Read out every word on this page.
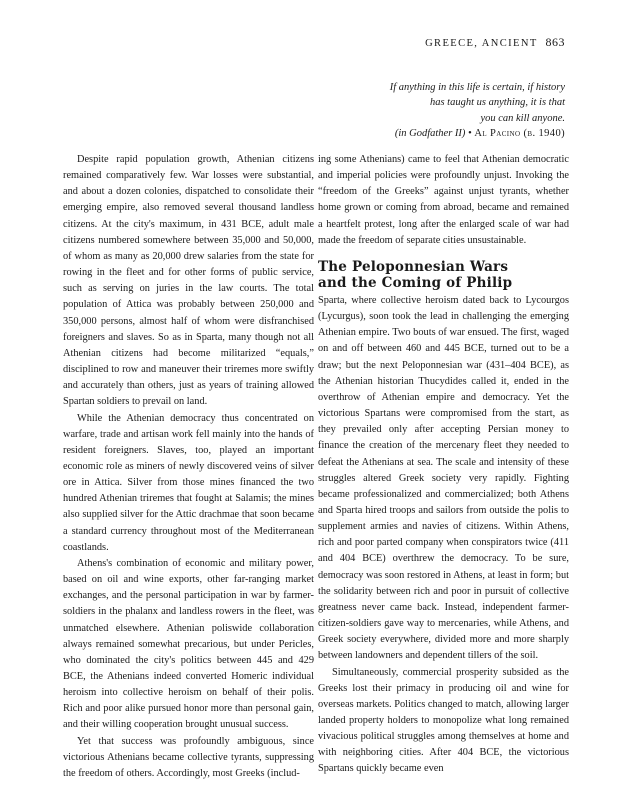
GREECE, ANCIENT 863
If anything in this life is certain, if history
has taught us anything, it is that
you can kill anyone.
(in Godfather II) • Al Pacino (b. 1940)

Despite rapid population growth, Athenian citizens remained comparatively few. War losses were substantial, and about a dozen colonies, dispatched to consolidate their emerging empire, also removed several thousand landless citizens. At the city's maximum, in 431 BCE, adult male citizens numbered somewhere between 35,000 and 50,000, of whom as many as 20,000 drew salaries from the state for rowing in the fleet and for other forms of public service, such as serving on juries in the law courts. The total population of Attica was probably between 250,000 and 350,000 persons, almost half of whom were disfranchised foreigners and slaves. So as in Sparta, many though not all Athenian citizens had become militarized “equals,” disciplined to row and maneuver their triremes more swiftly and accurately than others, just as years of training allowed Spartan soldiers to prevail on land.

While the Athenian democracy thus concentrated on warfare, trade and artisan work fell mainly into the hands of resident foreigners. Slaves, too, played an important economic role as miners of newly discovered veins of silver ore in Attica. Silver from those mines financed the two hundred Athenian triremes that fought at Salamis; the mines also supplied silver for the Attic drachmae that soon became a standard currency throughout most of the Mediterranean coastlands.

Athens's combination of economic and military power, based on oil and wine exports, other far-ranging market exchanges, and the personal participation in war by farmer-soldiers in the phalanx and landless rowers in the fleet, was unmatched elsewhere. Athenian poliswide collaboration always remained somewhat precarious, but under Pericles, who dominated the city's politics between 445 and 429 BCE, the Athenians indeed converted Homeric individual heroism into collective heroism on behalf of their polis. Rich and poor alike pursued honor more than personal gain, and their willing cooperation brought unusual success.

Yet that success was profoundly ambiguous, since victorious Athenians became collective tyrants, suppressing the freedom of others. Accordingly, most Greeks (includ-

ing some Athenians) came to feel that Athenian democratic and imperial policies were profoundly unjust. Invoking the “freedom of the Greeks” against unjust tyrants, whether home grown or coming from abroad, became and remained a heartfelt protest, long after the enlarged scale of war had made the freedom of separate cities unsustainable.

The Peloponnesian Wars
and the Coming of Philip

Sparta, where collective heroism dated back to Lycourgos (Lycurgus), soon took the lead in challenging the emerging Athenian empire. Two bouts of war ensued. The first, waged on and off between 460 and 445 BCE, turned out to be a draw; but the next Peloponnesian war (431–404 BCE), as the Athenian historian Thucydides called it, ended in the overthrow of Athenian empire and democracy. Yet the victorious Spartans were compromised from the start, as they prevailed only after accepting Persian money to finance the creation of the mercenary fleet they needed to defeat the Athenians at sea. The scale and intensity of these struggles altered Greek society very rapidly. Fighting became professionalized and commercialized; both Athens and Sparta hired troops and sailors from outside the polis to supplement armies and navies of citizens. Within Athens, rich and poor parted company when conspirators twice (411 and 404 BCE) overthrew the democracy. To be sure, democracy was soon restored in Athens, at least in form; but the solidarity between rich and poor in pursuit of collective greatness never came back. Instead, independent farmer-citizen-soldiers gave way to mercenaries, while Athens, and Greek society everywhere, divided more and more sharply between landowners and dependent tillers of the soil.

Simultaneously, commercial prosperity subsided as the Greeks lost their primacy in producing oil and wine for overseas markets. Politics changed to match, allowing larger landed property holders to monopolize what long remained vivacious political struggles among themselves at home and with neighboring cities. After 404 BCE, the victorious Spartans quickly became even
